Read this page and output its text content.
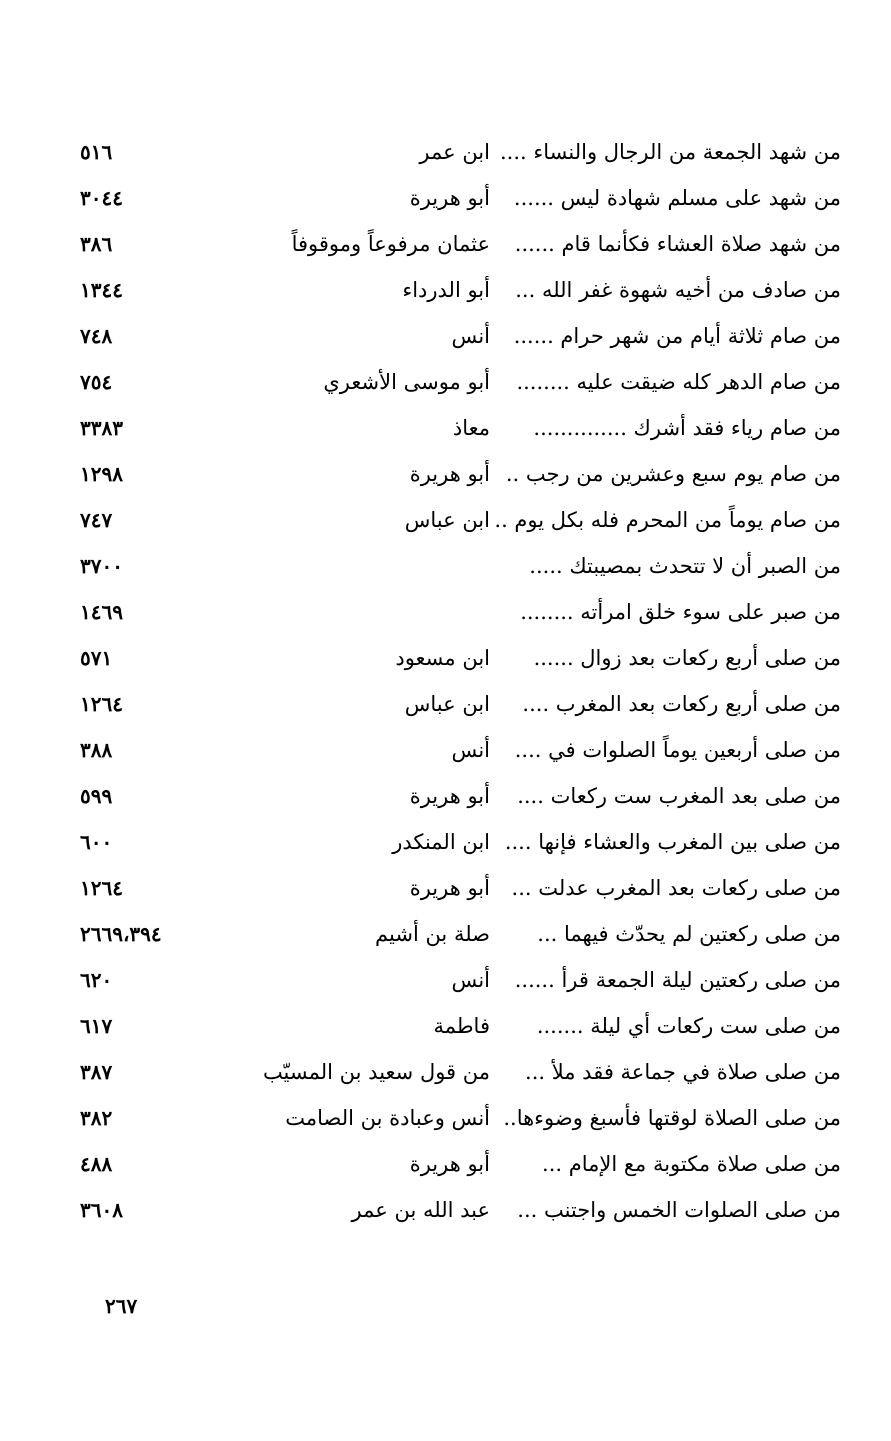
من شهد الجمعة من الرجال والنساء ....
ابن عمر
٥١٦
من شهد على مسلم شهادة ليس ......
أبو هريرة
٣٠٤٤
من شهد صلاة العشاء فكأنما قام ......
عثمان مرفوعاً وموقوفاً
٣٨٦
من صادف من أخيه شهوة غفر الله ...
أبو الدرداء
١٣٤٤
من صام ثلاثة أيام من شهر حرام ......
أنس
٧٤٨
من صام الدهر كله ضيقت عليه ........
أبو موسى الأشعري
٧٥٤
من صام رياء فقد أشرك ..............
معاذ
٣٣٨٣
من صام يوم سبع وعشرين من رجب ..
أبو هريرة
١٢٩٨
من صام يوماً من المحرم فله بكل يوم ..
ابن عباس
٧٤٧
من الصبر أن لا تتحدث بمصيبتك .....
٣٧٠٠
من صبر على سوء خلق امرأته ........
١٤٦٩
من صلى أربع ركعات بعد زوال ......
ابن مسعود
٥٧١
من صلى أربع ركعات بعد المغرب ....
ابن عباس
١٢٦٤
من صلى أربعين يوماً الصلوات في ....
أنس
٣٨٨
من صلى بعد المغرب ست ركعات ....
أبو هريرة
٥٩٩
من صلى بين المغرب والعشاء فإنها ....
ابن المنكدر
٦٠٠
من صلى ركعات بعد المغرب عدلت ...
أبو هريرة
١٢٦٤
من صلى ركعتين لم يحدّث فيهما ...
صلة بن أشيم
٢٦٦٩،٣٩٤
من صلى ركعتين ليلة الجمعة قرأ ......
أنس
٦٢٠
من صلى ست ركعات أي ليلة .......
فاطمة
٦١٧
من صلى صلاة في جماعة فقد ملأ ...
من قول سعيد بن المسيّب
٣٨٧
من صلى الصلاة لوقتها فأسبغ وضوءها..
أنس وعبادة بن الصامت
٣٨٢
من صلى صلاة مكتوبة مع الإمام ...
أبو هريرة
٤٨٨
من صلى الصلوات الخمس واجتنب ...
عبد الله بن عمر
٣٦٠٨
٢٦٧
